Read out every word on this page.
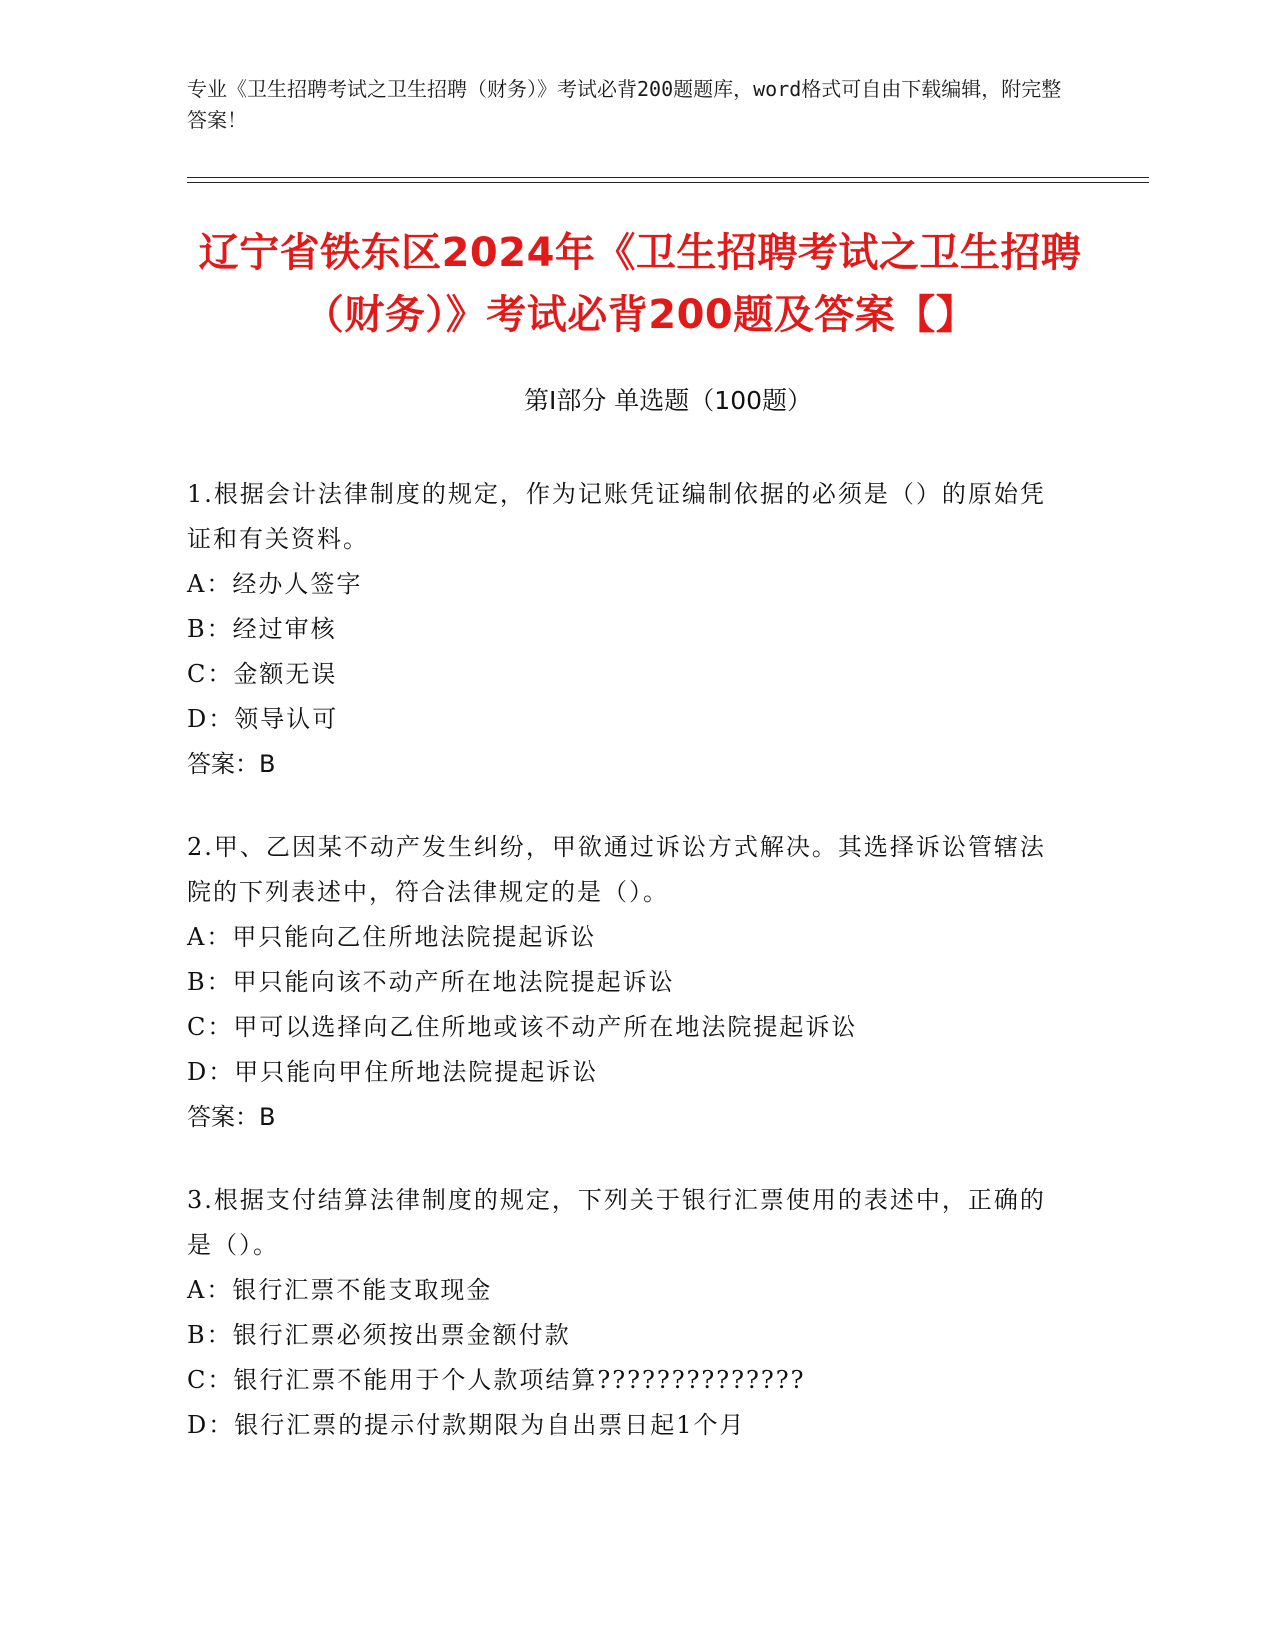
专业《卫生招聘考试之卫生招聘（财务）》考试必背200题题库，word格式可自由下载编辑，附完整答案！
辽宁省铁东区2024年《卫生招聘考试之卫生招聘（财务）》考试必背200题及答案【】
第Ⅰ部分 单选题（100题）
1.根据会计法律制度的规定，作为记账凭证编制依据的必须是（）的原始凭证和有关资料。
A：经办人签字
B：经过审核
C：金额无误
D：领导认可
答案：B
2.甲、乙因某不动产发生纠纷，甲欲通过诉讼方式解决。其选择诉讼管辖法院的下列表述中，符合法律规定的是（）。
A：甲只能向乙住所地法院提起诉讼
B：甲只能向该不动产所在地法院提起诉讼
C：甲可以选择向乙住所地或该不动产所在地法院提起诉讼
D：甲只能向甲住所地法院提起诉讼
答案：B
3.根据支付结算法律制度的规定，下列关于银行汇票使用的表述中，正确的是（）。
A：银行汇票不能支取现金
B：银行汇票必须按出票金额付款
C：银行汇票不能用于个人款项结算??????????????
D：银行汇票的提示付款期限为自出票日起1个月
